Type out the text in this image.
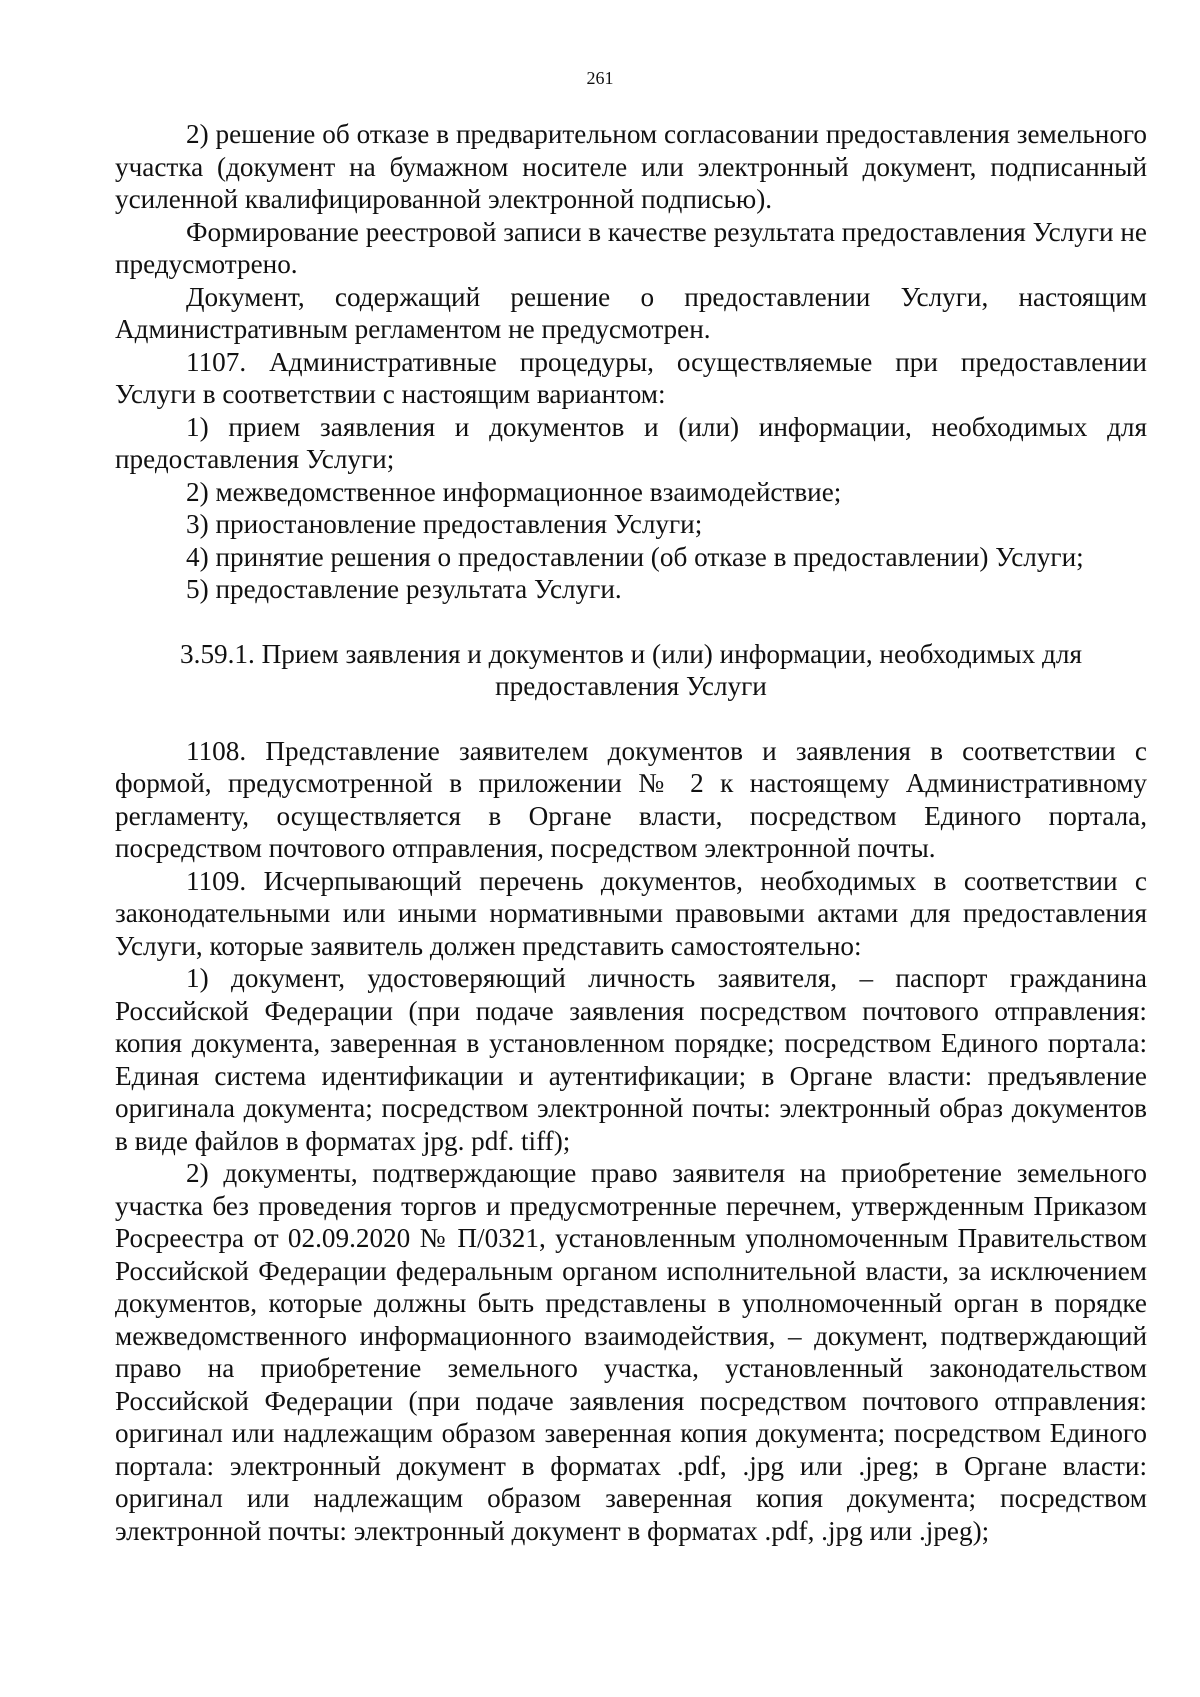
261

2) решение об отказе в предварительном согласовании предоставления земельного участка (документ на бумажном носителе или электронный документ, подписанный усиленной квалифицированной электронной подписью).

Формирование реестровой записи в качестве результата предоставления Услуги не предусмотрено.

Документ, содержащий решение о предоставлении Услуги, настоящим Административным регламентом не предусмотрен.

1107. Административные процедуры, осуществляемые при предоставлении Услуги в соответствии с настоящим вариантом:

1) прием заявления и документов и (или) информации, необходимых для предоставления Услуги;

2) межведомственное информационное взаимодействие;

3) приостановление предоставления Услуги;

4) принятие решения о предоставлении (об отказе в предоставлении) Услуги;

5) предоставление результата Услуги.

3.59.1. Прием заявления и документов и (или) информации, необходимых для предоставления Услуги

1108. Представление заявителем документов и заявления в соответствии с формой, предусмотренной в приложении № 2 к настоящему Административному регламенту, осуществляется в Органе власти, посредством Единого портала, посредством почтового отправления, посредством электронной почты.

1109. Исчерпывающий перечень документов, необходимых в соответствии с законодательными или иными нормативными правовыми актами для предоставления Услуги, которые заявитель должен представить самостоятельно:

1) документ, удостоверяющий личность заявителя, – паспорт гражданина Российской Федерации (при подаче заявления посредством почтового отправления: копия документа, заверенная в установленном порядке; посредством Единого портала: Единая система идентификации и аутентификации; в Органе власти: предъявление оригинала документа; посредством электронной почты: электронный образ документов в виде файлов в форматах jpg. pdf. tiff);

2) документы, подтверждающие право заявителя на приобретение земельного участка без проведения торгов и предусмотренные перечнем, утвержденным Приказом Росреестра от 02.09.2020 № П/0321, установленным уполномоченным Правительством Российской Федерации федеральным органом исполнительной власти, за исключением документов, которые должны быть представлены в уполномоченный орган в порядке межведомственного информационного взаимодействия, – документ, подтверждающий право на приобретение земельного участка, установленный законодательством Российской Федерации (при подаче заявления посредством почтового отправления: оригинал или надлежащим образом заверенная копия документа; посредством Единого портала: электронный документ в форматах .pdf, .jpg или .jpeg; в Органе власти: оригинал или надлежащим образом заверенная копия документа; посредством электронной почты: электронный документ в форматах .pdf, .jpg или .jpeg);
